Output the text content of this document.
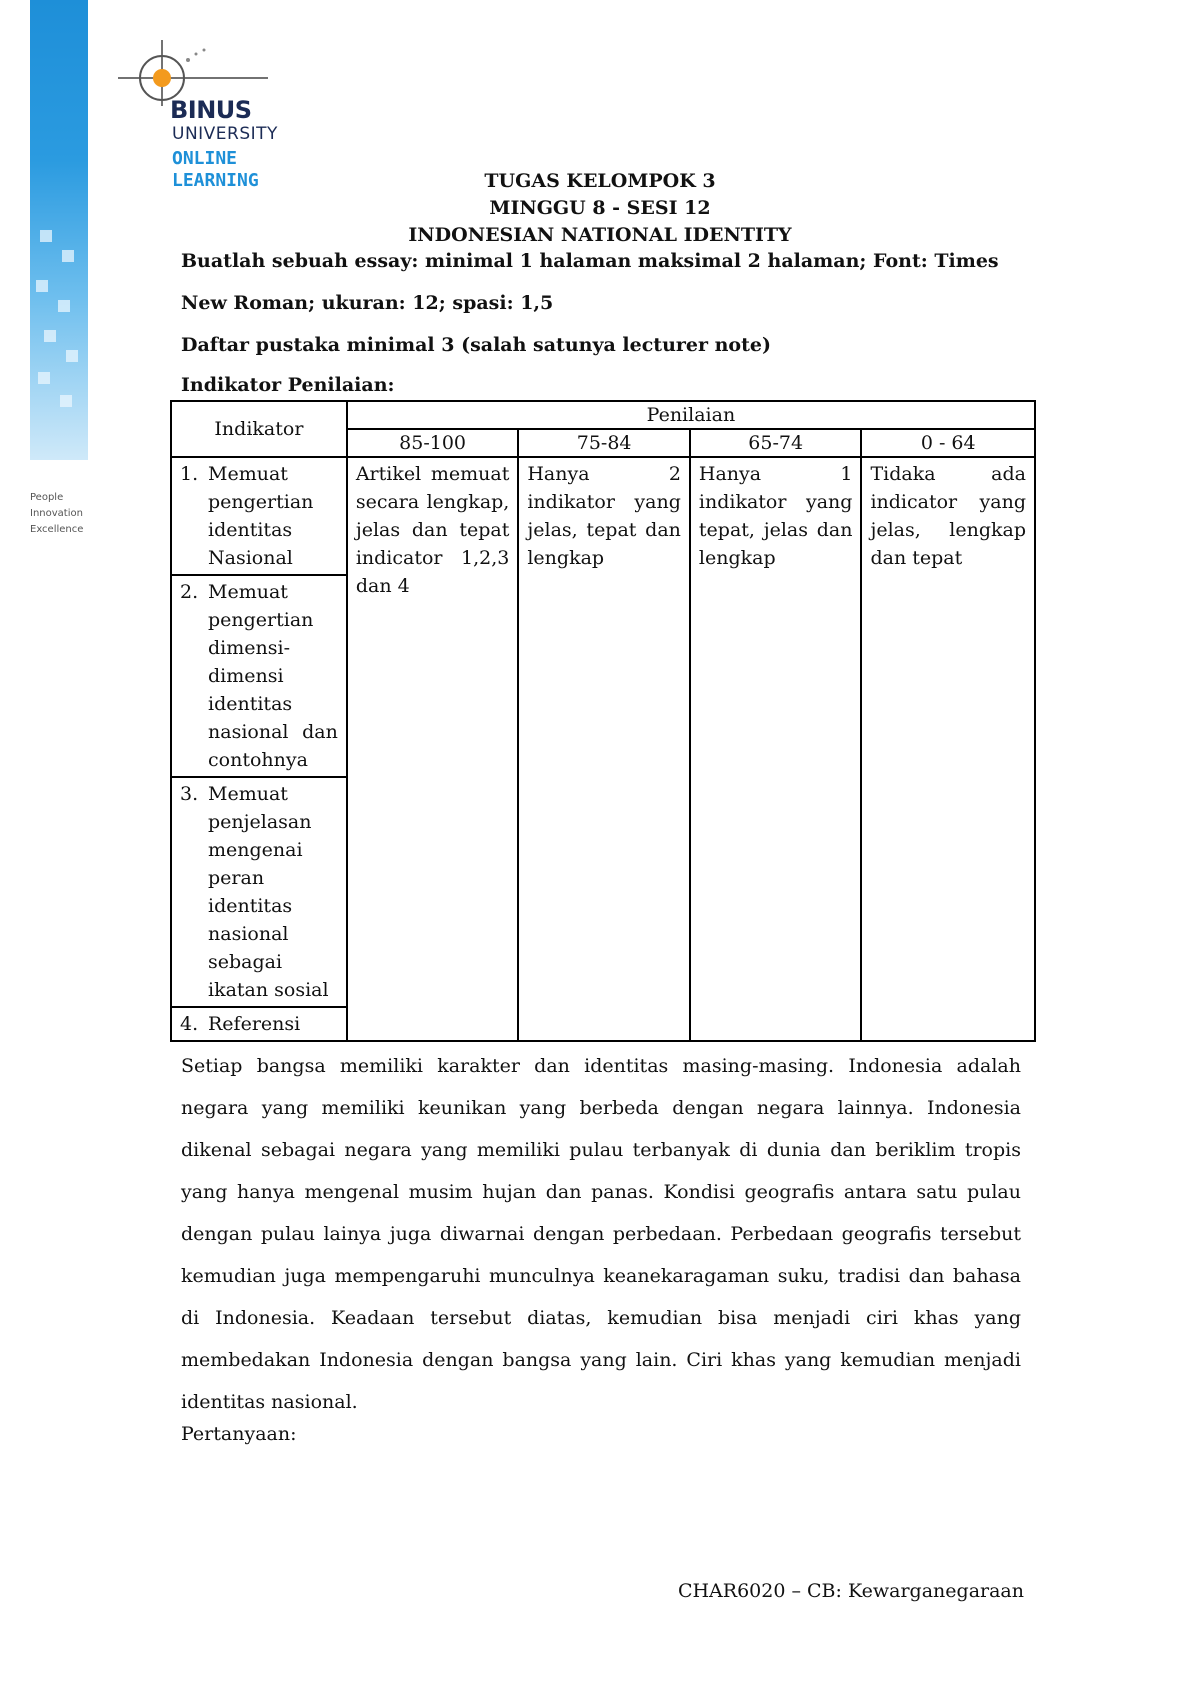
People
Innovation
Excellence
BINUS
UNIVERSITY
ONLINE
LEARNING	TUGAS KELOMPOK 3
MINGGU 8 - SESI 12
INDONESIAN NATIONAL IDENTITY
Buatlah sebuah essay: minimal 1 halaman maksimal 2 halaman; Font: Times
New Roman; ukuran: 12; spasi: 1,5
Daftar pustaka minimal 3 (salah satunya lecturer note)
Indikator Penilaian:
Indikator	Penilaian			
	85-100	75-84	65-74	0 - 64

1. Memuat pengertian identitas Nasional	Artikel memuat secara lengkap, jelas dan tepat indicator 1,2,3 dan 4	Hanya 2 indikator yang jelas, tepat dan lengkap	Hanya 1 indikator yang tepat, jelas dan lengkap	Tidaka ada indicator yang jelas, lengkap dan tepat

2. Memuat pengertian dimensi-dimensi identitas nasional dan contohnya				

3. Memuat penjelasan mengenai peran identitas nasional sebagai ikatan sosial				

4. Referensi				
Setiap bangsa memiliki karakter dan identitas masing-masing. Indonesia adalah negara yang memiliki keunikan yang berbeda dengan negara lainnya. Indonesia dikenal sebagai negara yang memiliki pulau terbanyak di dunia dan beriklim tropis yang hanya mengenal musim hujan dan panas. Kondisi geografis antara satu pulau dengan pulau lainya juga diwarnai dengan perbedaan. Perbedaan geografis tersebut kemudian juga mempengaruhi munculnya keanekaragaman suku, tradisi dan bahasa di Indonesia. Keadaan tersebut diatas, kemudian bisa menjadi ciri khas yang membedakan Indonesia dengan bangsa yang lain. Ciri khas yang kemudian menjadi identitas nasional.
Pertanyaan:
CHAR6020 – CB: Kewarganegaraan
